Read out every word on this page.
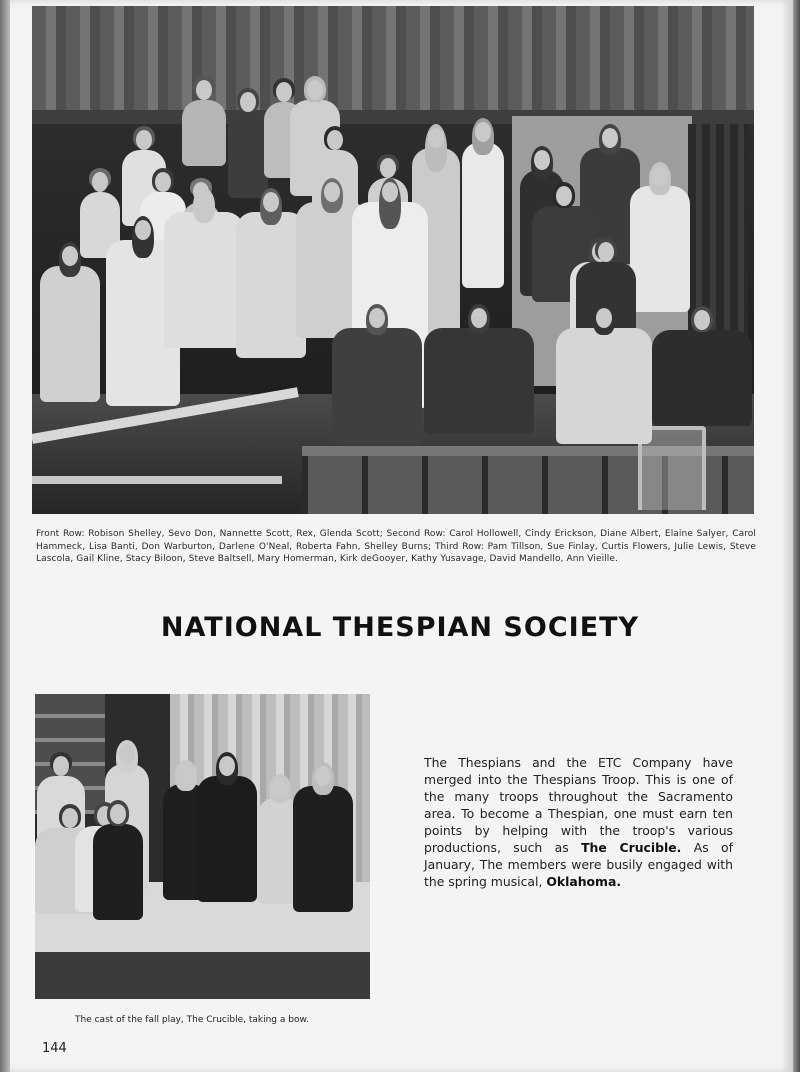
Front Row: Robison Shelley, Sevo Don, Nannette Scott, Rex, Glenda Scott; Second Row: Carol Hollowell, Cindy Erickson, Diane Albert, Elaine Salyer, Carol Hammeck, Lisa Banti, Don Warburton, Darlene O'Neal, Roberta Fahn, Shelley Burns; Third Row: Pam Tillson, Sue Finlay, Curtis Flowers, Julie Lewis, Steve Lascola, Gail Kline, Stacy Biloon, Steve Baltsell, Mary Homerman, Kirk deGooyer, Kathy Yusavage, David Mandello, Ann Vieille.
NATIONAL THESPIAN SOCIETY
The cast of the fall play, The Crucible, taking a bow.
The Thespians and the ETC Company have merged into the Thespians Troop. This is one of the many troops throughout the Sacramento area. To become a Thespian, one must earn ten points by helping with the troop's various productions, such as The Crucible. As of January, The members were busily engaged with the spring musical, Oklahoma.
144
